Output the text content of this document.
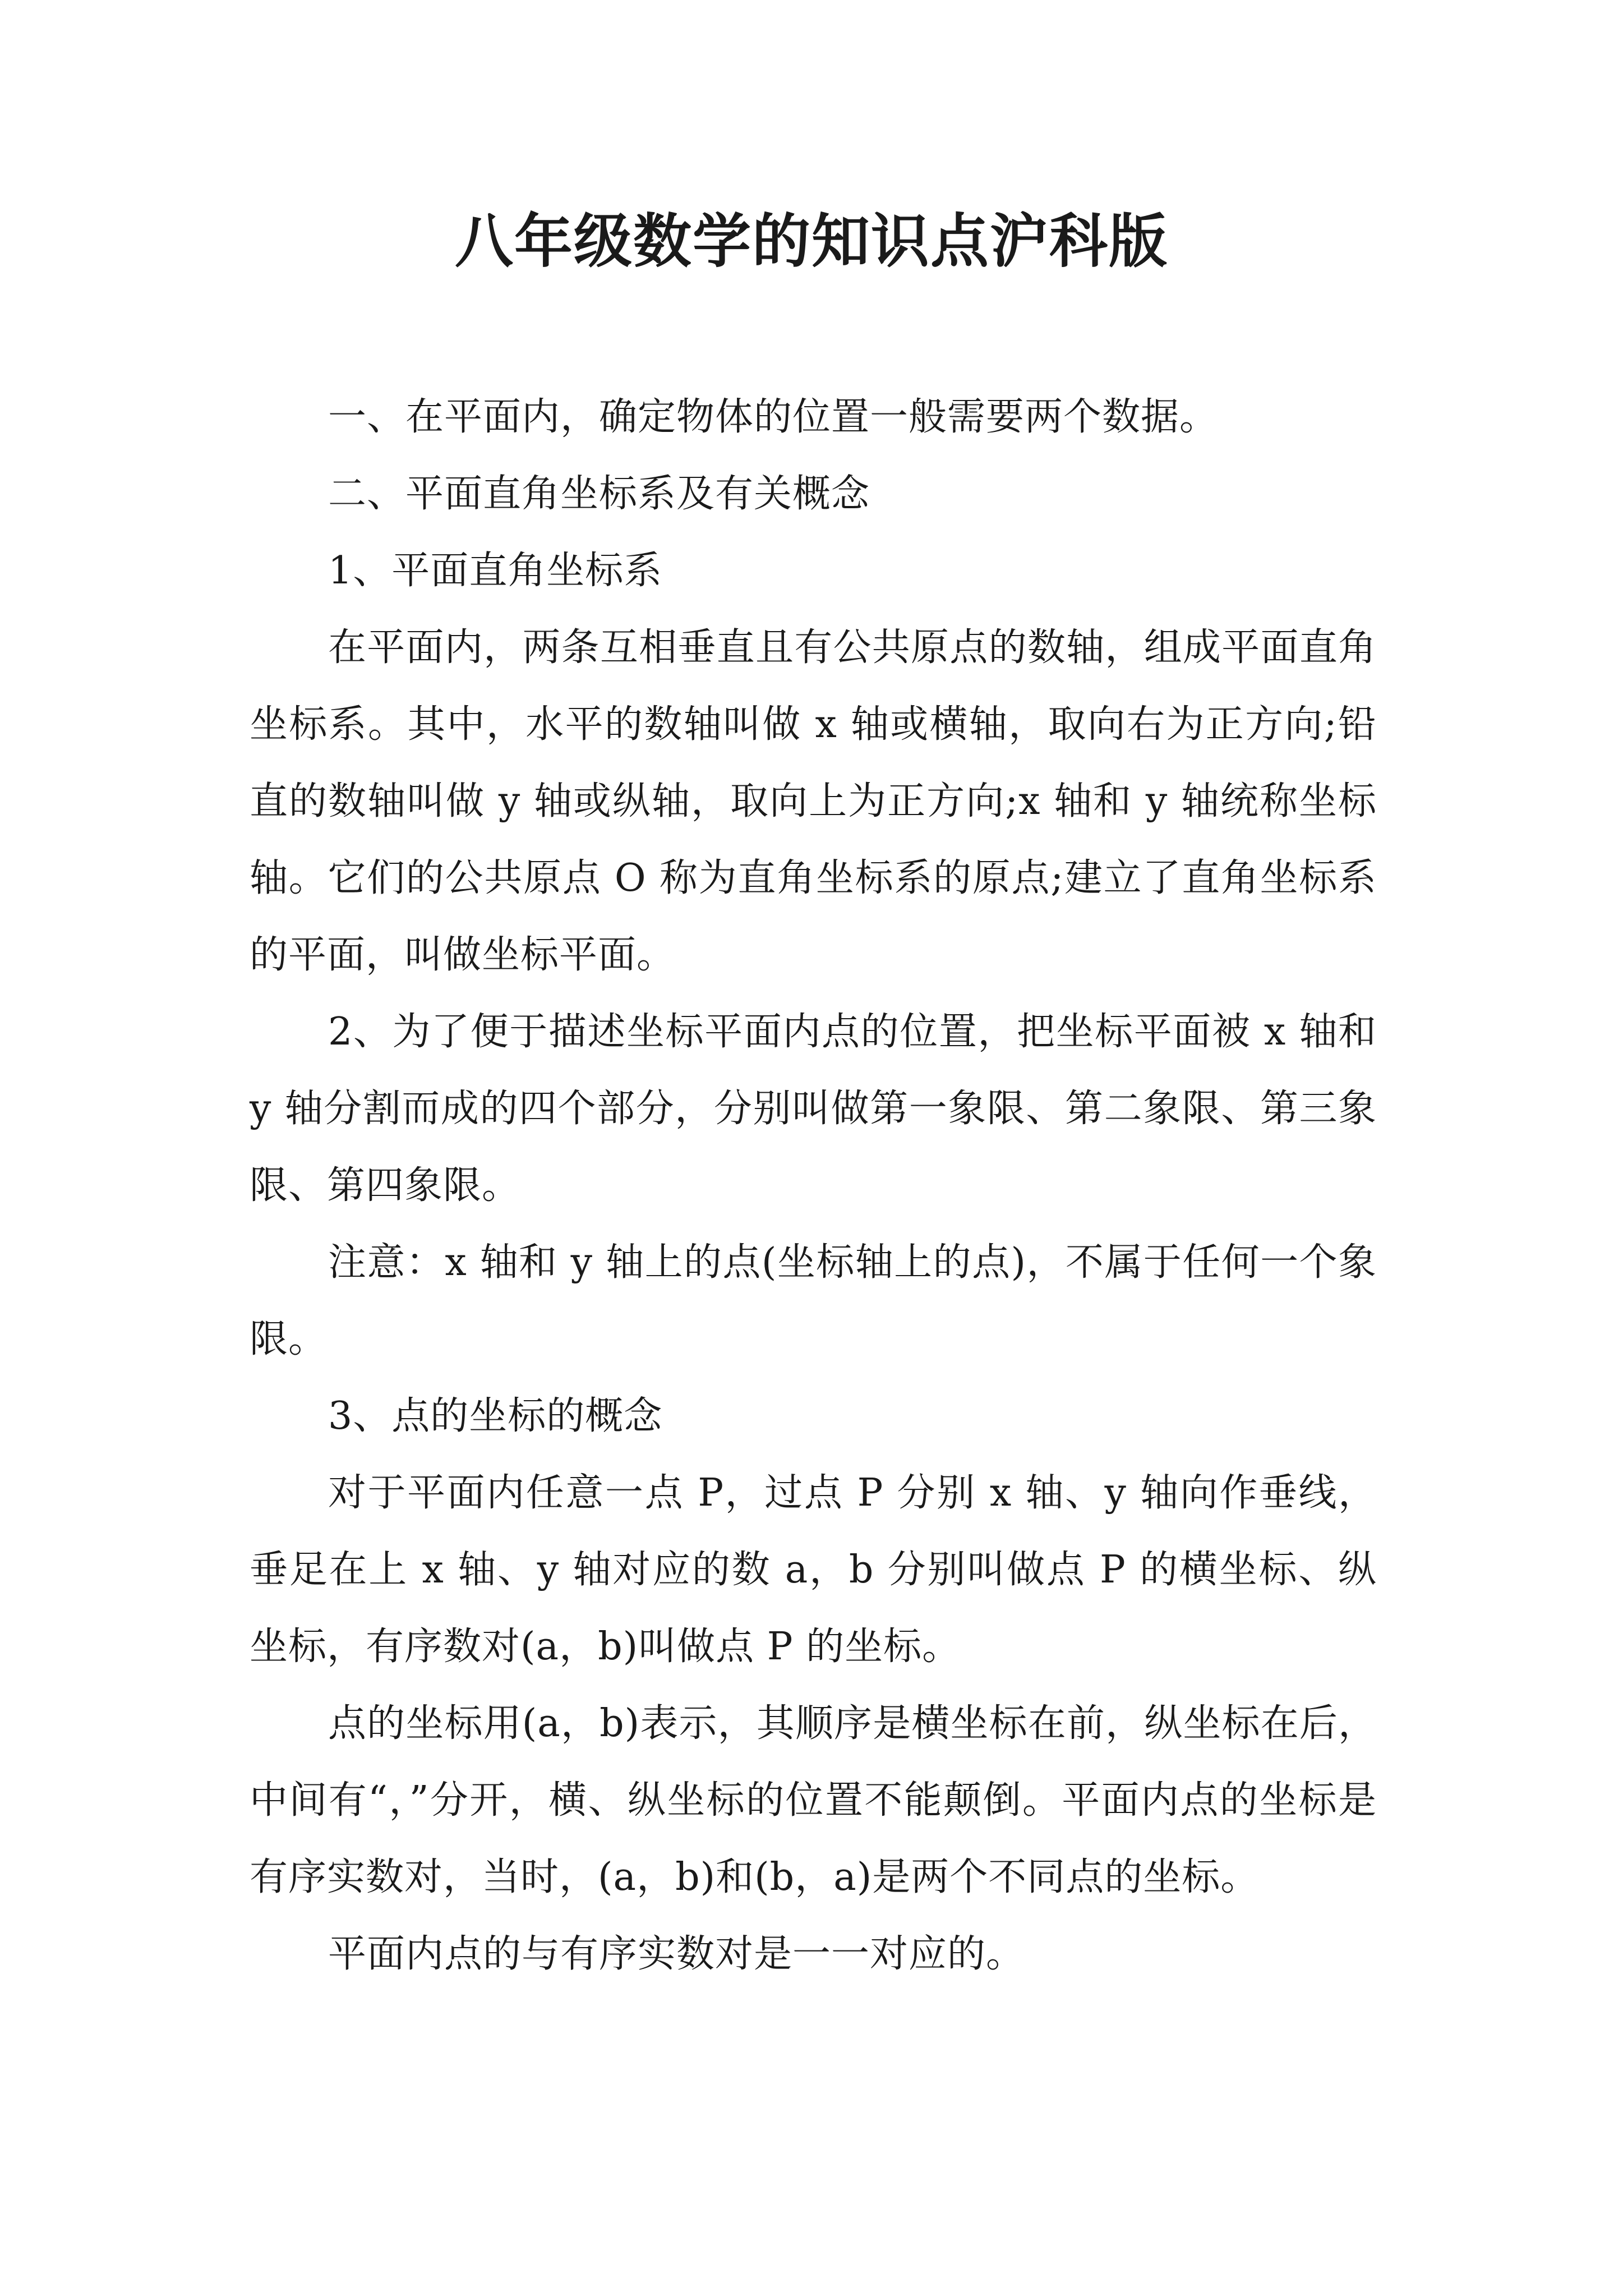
八年级数学的知识点沪科版

一、在平面内，确定物体的位置一般需要两个数据。

二、平面直角坐标系及有关概念

1、平面直角坐标系

在平面内，两条互相垂直且有公共原点的数轴，组成平面直角坐标系。其中，水平的数轴叫做 x 轴或横轴，取向右为正方向;铅直的数轴叫做 y 轴或纵轴，取向上为正方向;x 轴和 y 轴统称坐标轴。它们的公共原点 O 称为直角坐标系的原点;建立了直角坐标系的平面，叫做坐标平面。

2、为了便于描述坐标平面内点的位置，把坐标平面被 x 轴和 y 轴分割而成的四个部分，分别叫做第一象限、第二象限、第三象限、第四象限。

注意：x 轴和 y 轴上的点(坐标轴上的点)，不属于任何一个象限。

3、点的坐标的概念

对于平面内任意一点 P，过点 P 分别 x 轴、y 轴向作垂线，垂足在上 x 轴、y 轴对应的数 a，b 分别叫做点 P 的横坐标、纵坐标，有序数对(a，b)叫做点 P 的坐标。

点的坐标用(a，b)表示，其顺序是横坐标在前，纵坐标在后，中间有“，”分开，横、纵坐标的位置不能颠倒。平面内点的坐标是有序实数对，当时，(a，b)和(b，a)是两个不同点的坐标。

平面内点的与有序实数对是一一对应的。
